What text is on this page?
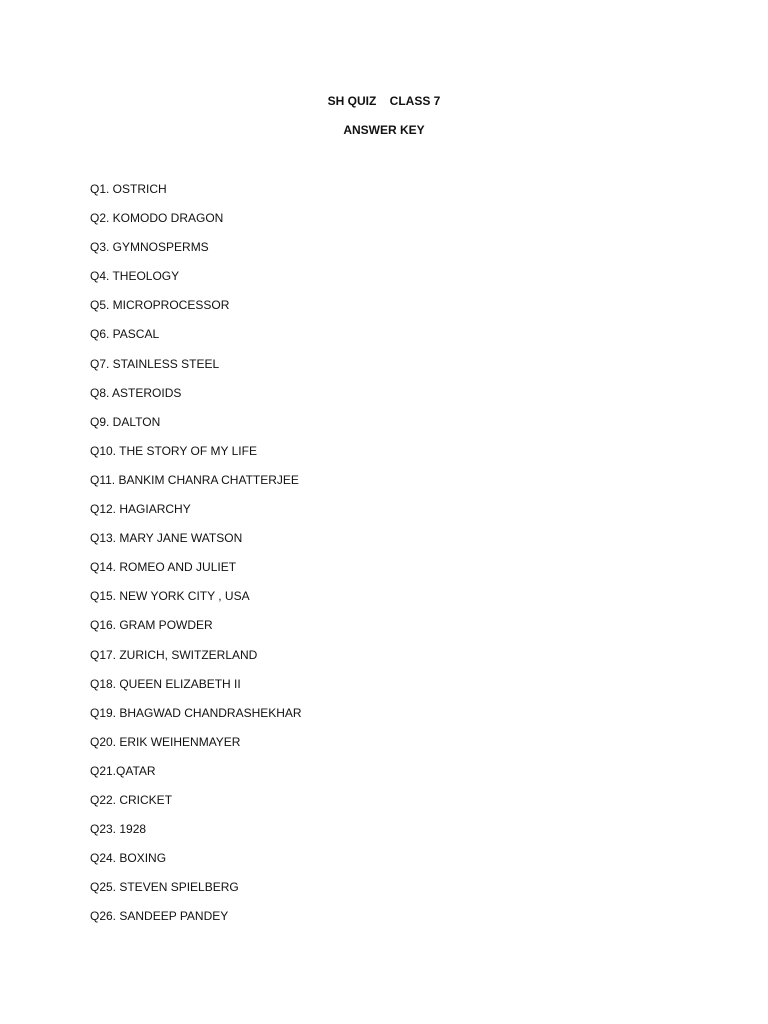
SH QUIZ    CLASS 7
ANSWER KEY
Q1. OSTRICH
Q2. KOMODO DRAGON
Q3. GYMNOSPERMS
Q4. THEOLOGY
Q5. MICROPROCESSOR
Q6. PASCAL
Q7. STAINLESS STEEL
Q8. ASTEROIDS
Q9. DALTON
Q10. THE STORY OF MY LIFE
Q11. BANKIM CHANRA CHATTERJEE
Q12. HAGIARCHY
Q13. MARY JANE WATSON
Q14. ROMEO AND JULIET
Q15. NEW YORK CITY , USA
Q16. GRAM POWDER
Q17. ZURICH, SWITZERLAND
Q18. QUEEN ELIZABETH II
Q19. BHAGWAD CHANDRASHEKHAR
Q20. ERIK WEIHENMAYER
Q21.QATAR
Q22. CRICKET
Q23. 1928
Q24. BOXING
Q25. STEVEN SPIELBERG
Q26. SANDEEP PANDEY
